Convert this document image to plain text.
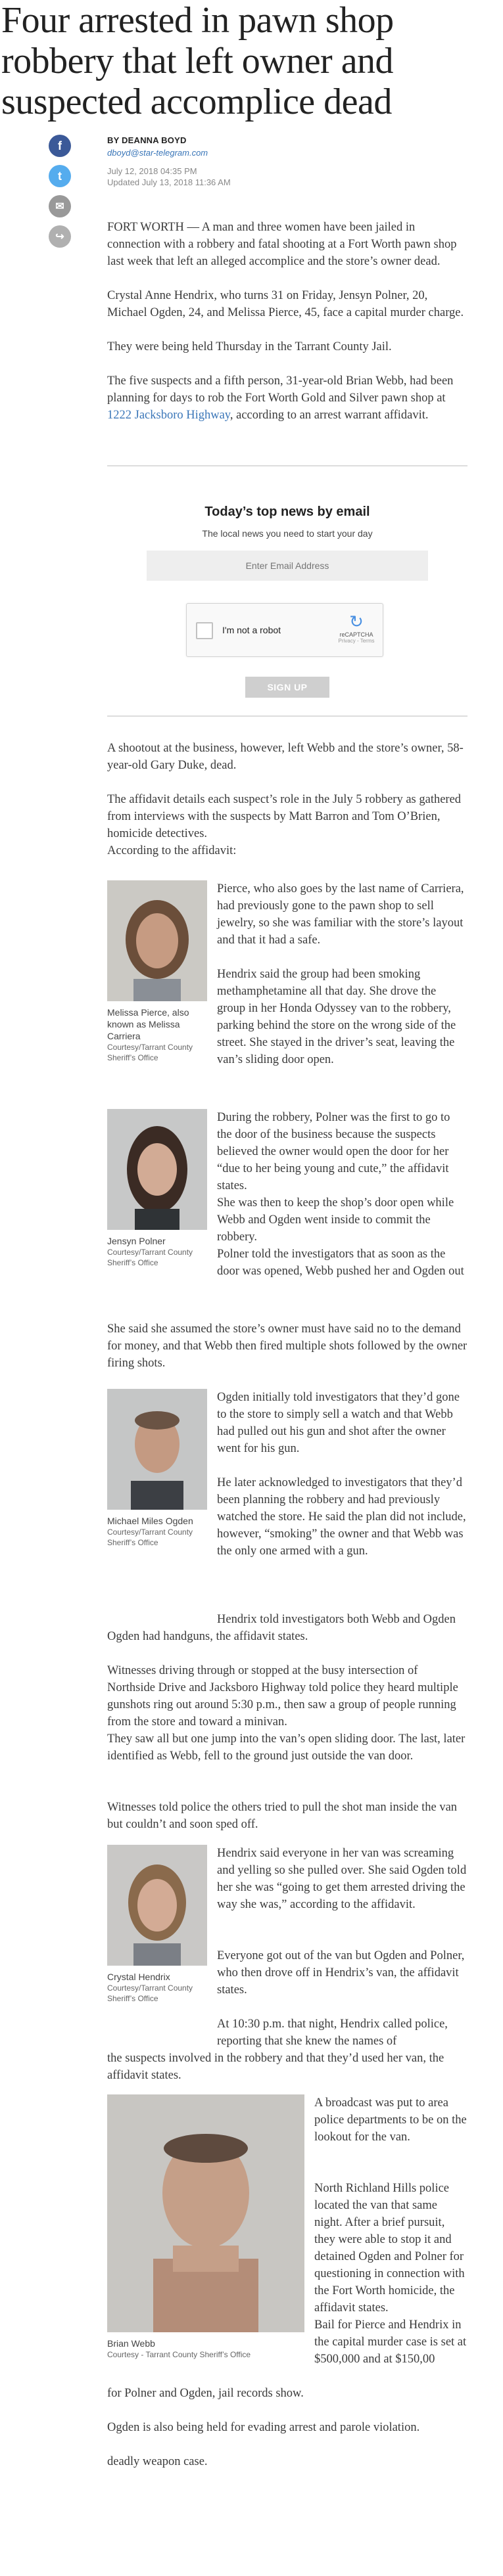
Four arrested in pawn shop robbery that left owner and suspected accomplice dead
f
t
✉
↪
BY DEANNA BOYD
dboyd@star-telegram.com
July 12, 2018 04:35 PM
Updated July 13, 2018 11:36 AM

FORT WORTH — A man and three women have been jailed in connection with a robbery and fatal shooting at a Fort Worth pawn shop last week that left an alleged accomplice and the store’s owner dead.

Crystal Anne Hendrix, who turns 31 on Friday, Jensyn Polner, 20, Michael Ogden, 24, and Melissa Pierce, 45, face a capital murder charge.

They were being held Thursday in the Tarrant County Jail.

The five suspects and a fifth person, 31-year-old Brian Webb, had been planning for days to rob the Fort Worth Gold and Silver pawn shop at 1222 Jacksboro Highway, according to an arrest warrant affidavit.

Today’s top news by email
The local news you need to start your day
Enter Email Address
I'm not a robot	↻
reCAPTCHA
Privacy - Terms
SIGN UP

A shootout at the business, however, left Webb and the store’s owner, 58-year-old Gary Duke, dead.

The affidavit details each suspect’s role in the July 5 robbery as gathered from interviews with the suspects by Matt Barron and Tom O’Brien, homicide detectives.

According to the affidavit:

Melissa Pierce, also known as Melissa Carriera
Courtesy/Tarrant County Sheriff’s Office

Pierce, who also goes by the last name of Carriera, had previously gone to the pawn shop to sell jewelry, so she was familiar with the store’s layout and that it had a safe.

Hendrix said the group had been smoking methamphetamine all that day. She drove the group in her Honda Odyssey van to the robbery, parking behind the store on the wrong side of the street. She stayed in the driver’s seat, leaving the van’s sliding door open.

Jensyn Polner
Courtesy/Tarrant County Sheriff’s Office

During the robbery, Polner was the first to go to the door of the business because the suspects believed the owner would open the door for her “due to her being young and cute,” the affidavit states.

She was then to keep the shop’s door open while Webb and Ogden went inside to commit the robbery.

Polner told the investigators that as soon as the door was opened, Webb pushed her and Ogden out

She said she assumed the store’s owner must have said no to the demand for money, and that Webb then fired multiple shots followed by the owner firing shots.

Michael Miles Ogden
Courtesy/Tarrant County Sheriff’s Office

Ogden initially told investigators that they’d gone to the store to simply sell a watch and that Webb had pulled out his gun and shot after the owner went for his gun.

He later acknowledged to investigators that they’d been planning the robbery and had previously watched the store. He said the plan did not include, however, “smoking” the owner and that Webb was the only one armed with a gun.

Hendrix told investigators both Webb and Ogden

Ogden had handguns, the affidavit states.

Witnesses driving through or stopped at the busy intersection of Northside Drive and Jacksboro Highway told police they heard multiple gunshots ring out around 5:30 p.m., then saw a group of people running from the store and toward a minivan.

They saw all but one jump into the van’s open sliding door. The last, later identified as Webb, fell to the ground just outside the van door.

Witnesses told police the others tried to pull the shot man inside the van but couldn’t and soon sped off.

Crystal Hendrix
Courtesy/Tarrant County Sheriff’s Office

Hendrix said everyone in her van was screaming and yelling so she pulled over. She said Ogden told her she was “going to get them arrested driving the way she was,” according to the affidavit.

Everyone got out of the van but Ogden and Polner, who then drove off in Hendrix’s van, the affidavit states.

At 10:30 p.m. that night, Hendrix called police, reporting that she knew the names of

the suspects involved in the robbery and that they’d used her van, the affidavit states.

Brian Webb
Courtesy - Tarrant County Sheriff’s Office

A broadcast was put to area police departments to be on the lookout for the van.

North Richland Hills police located the van that same night. After a brief pursuit, they were able to stop it and detained Ogden and Polner for questioning in connection with the Fort Worth homicide, the affidavit states.

Bail for Pierce and Hendrix in the capital murder case is set at $500,000 and at $150,00

for Polner and Ogden, jail records show.

Ogden is also being held for evading arrest and parole violation.

deadly weapon case.
